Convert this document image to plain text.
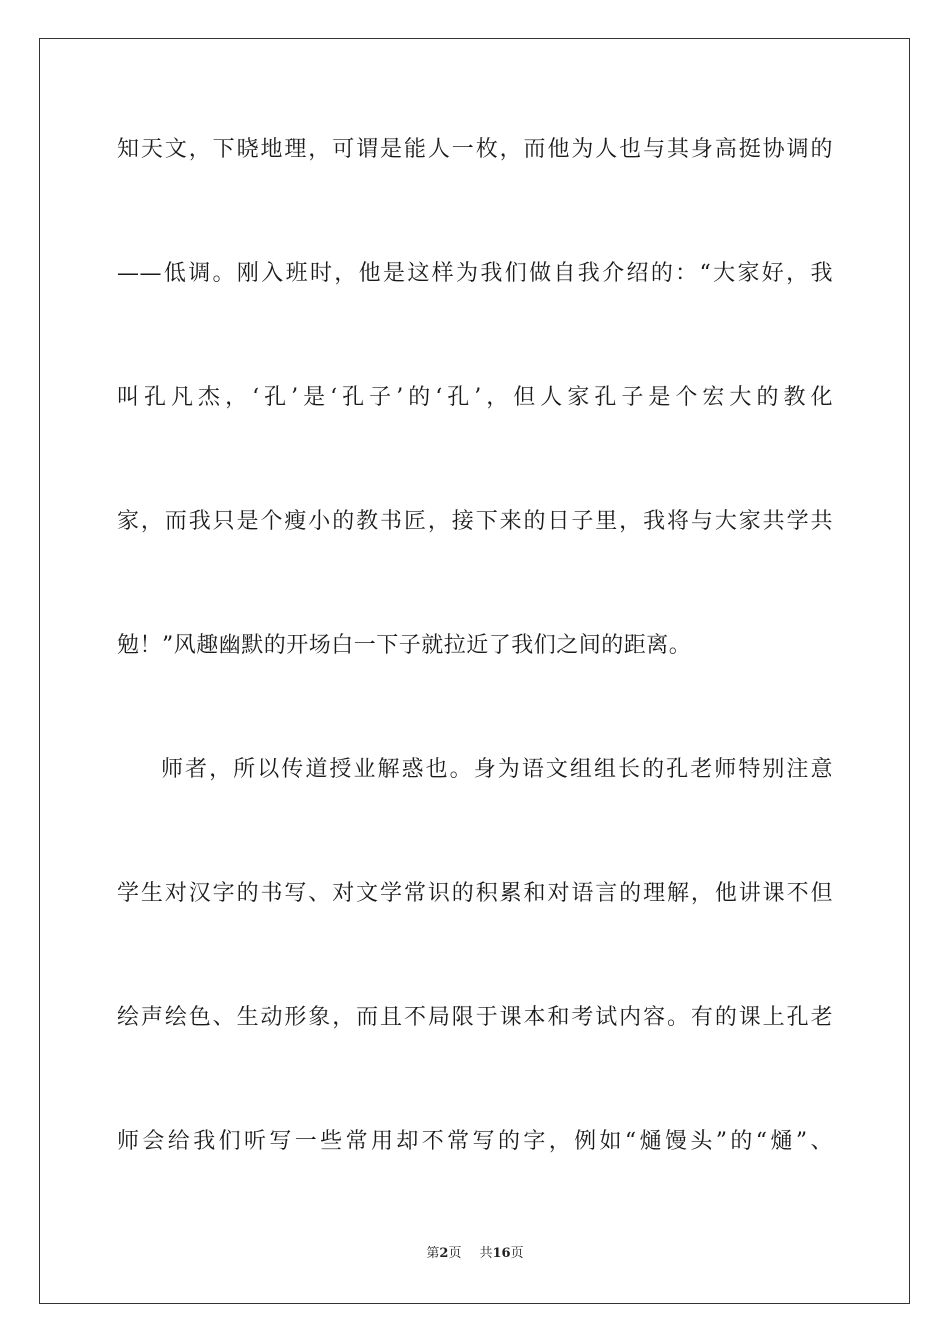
知天文，下晓地理，可谓是能人一枚，而他为人也与其身高挺协调的
——低调。刚入班时，他是这样为我们做自我介绍的：“大家好，我
叫孔凡杰，‘孔’是‘孔子’的‘孔’，但人家孔子是个宏大的教化
家，而我只是个瘦小的教书匠，接下来的日子里，我将与大家共学共
勉！”风趣幽默的开场白一下子就拉近了我们之间的距离。
师者，所以传道授业解惑也。身为语文组组长的孔老师特别注意
学生对汉字的书写、对文学常识的积累和对语言的理解，他讲课不但
绘声绘色、生动形象，而且不局限于课本和考试内容。有的课上孔老
师会给我们听写一些常用却不常写的字，例如“熥馒头”的“熥”、
第2页 共16页
